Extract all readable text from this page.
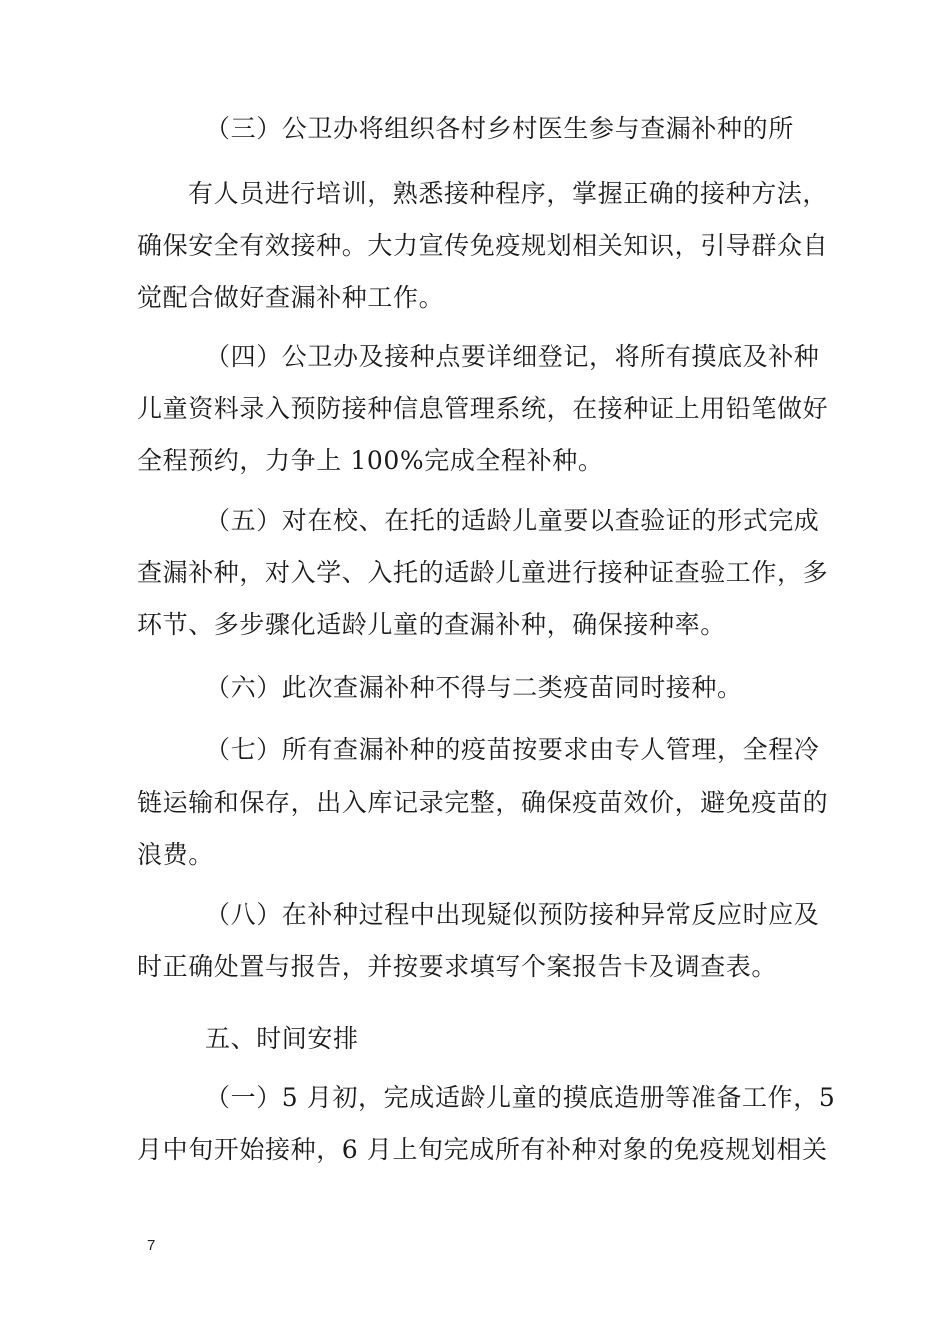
（三）公卫办将组织各村乡村医生参与查漏补种的所
有人员进行培训，熟悉接种程序，掌握正确的接种方法，
确保安全有效接种。大力宣传免疫规划相关知识，引导群众自
觉配合做好查漏补种工作。
（四）公卫办及接种点要详细登记，将所有摸底及补种
儿童资料录入预防接种信息管理系统，在接种证上用铅笔做好
全程预约，力争上 100%完成全程补种。
（五）对在校、在托的适龄儿童要以查验证的形式完成
查漏补种，对入学、入托的适龄儿童进行接种证查验工作，多
环节、多步骤化适龄儿童的查漏补种，确保接种率。
（六）此次查漏补种不得与二类疫苗同时接种。
（七）所有查漏补种的疫苗按要求由专人管理，全程冷
链运输和保存，出入库记录完整，确保疫苗效价，避免疫苗的
浪费。
（八）在补种过程中出现疑似预防接种异常反应时应及
时正确处置与报告，并按要求填写个案报告卡及调查表。
五、时间安排
（一）5 月初，完成适龄儿童的摸底造册等准备工作，5
月中旬开始接种，6 月上旬完成所有补种对象的免疫规划相关
7
